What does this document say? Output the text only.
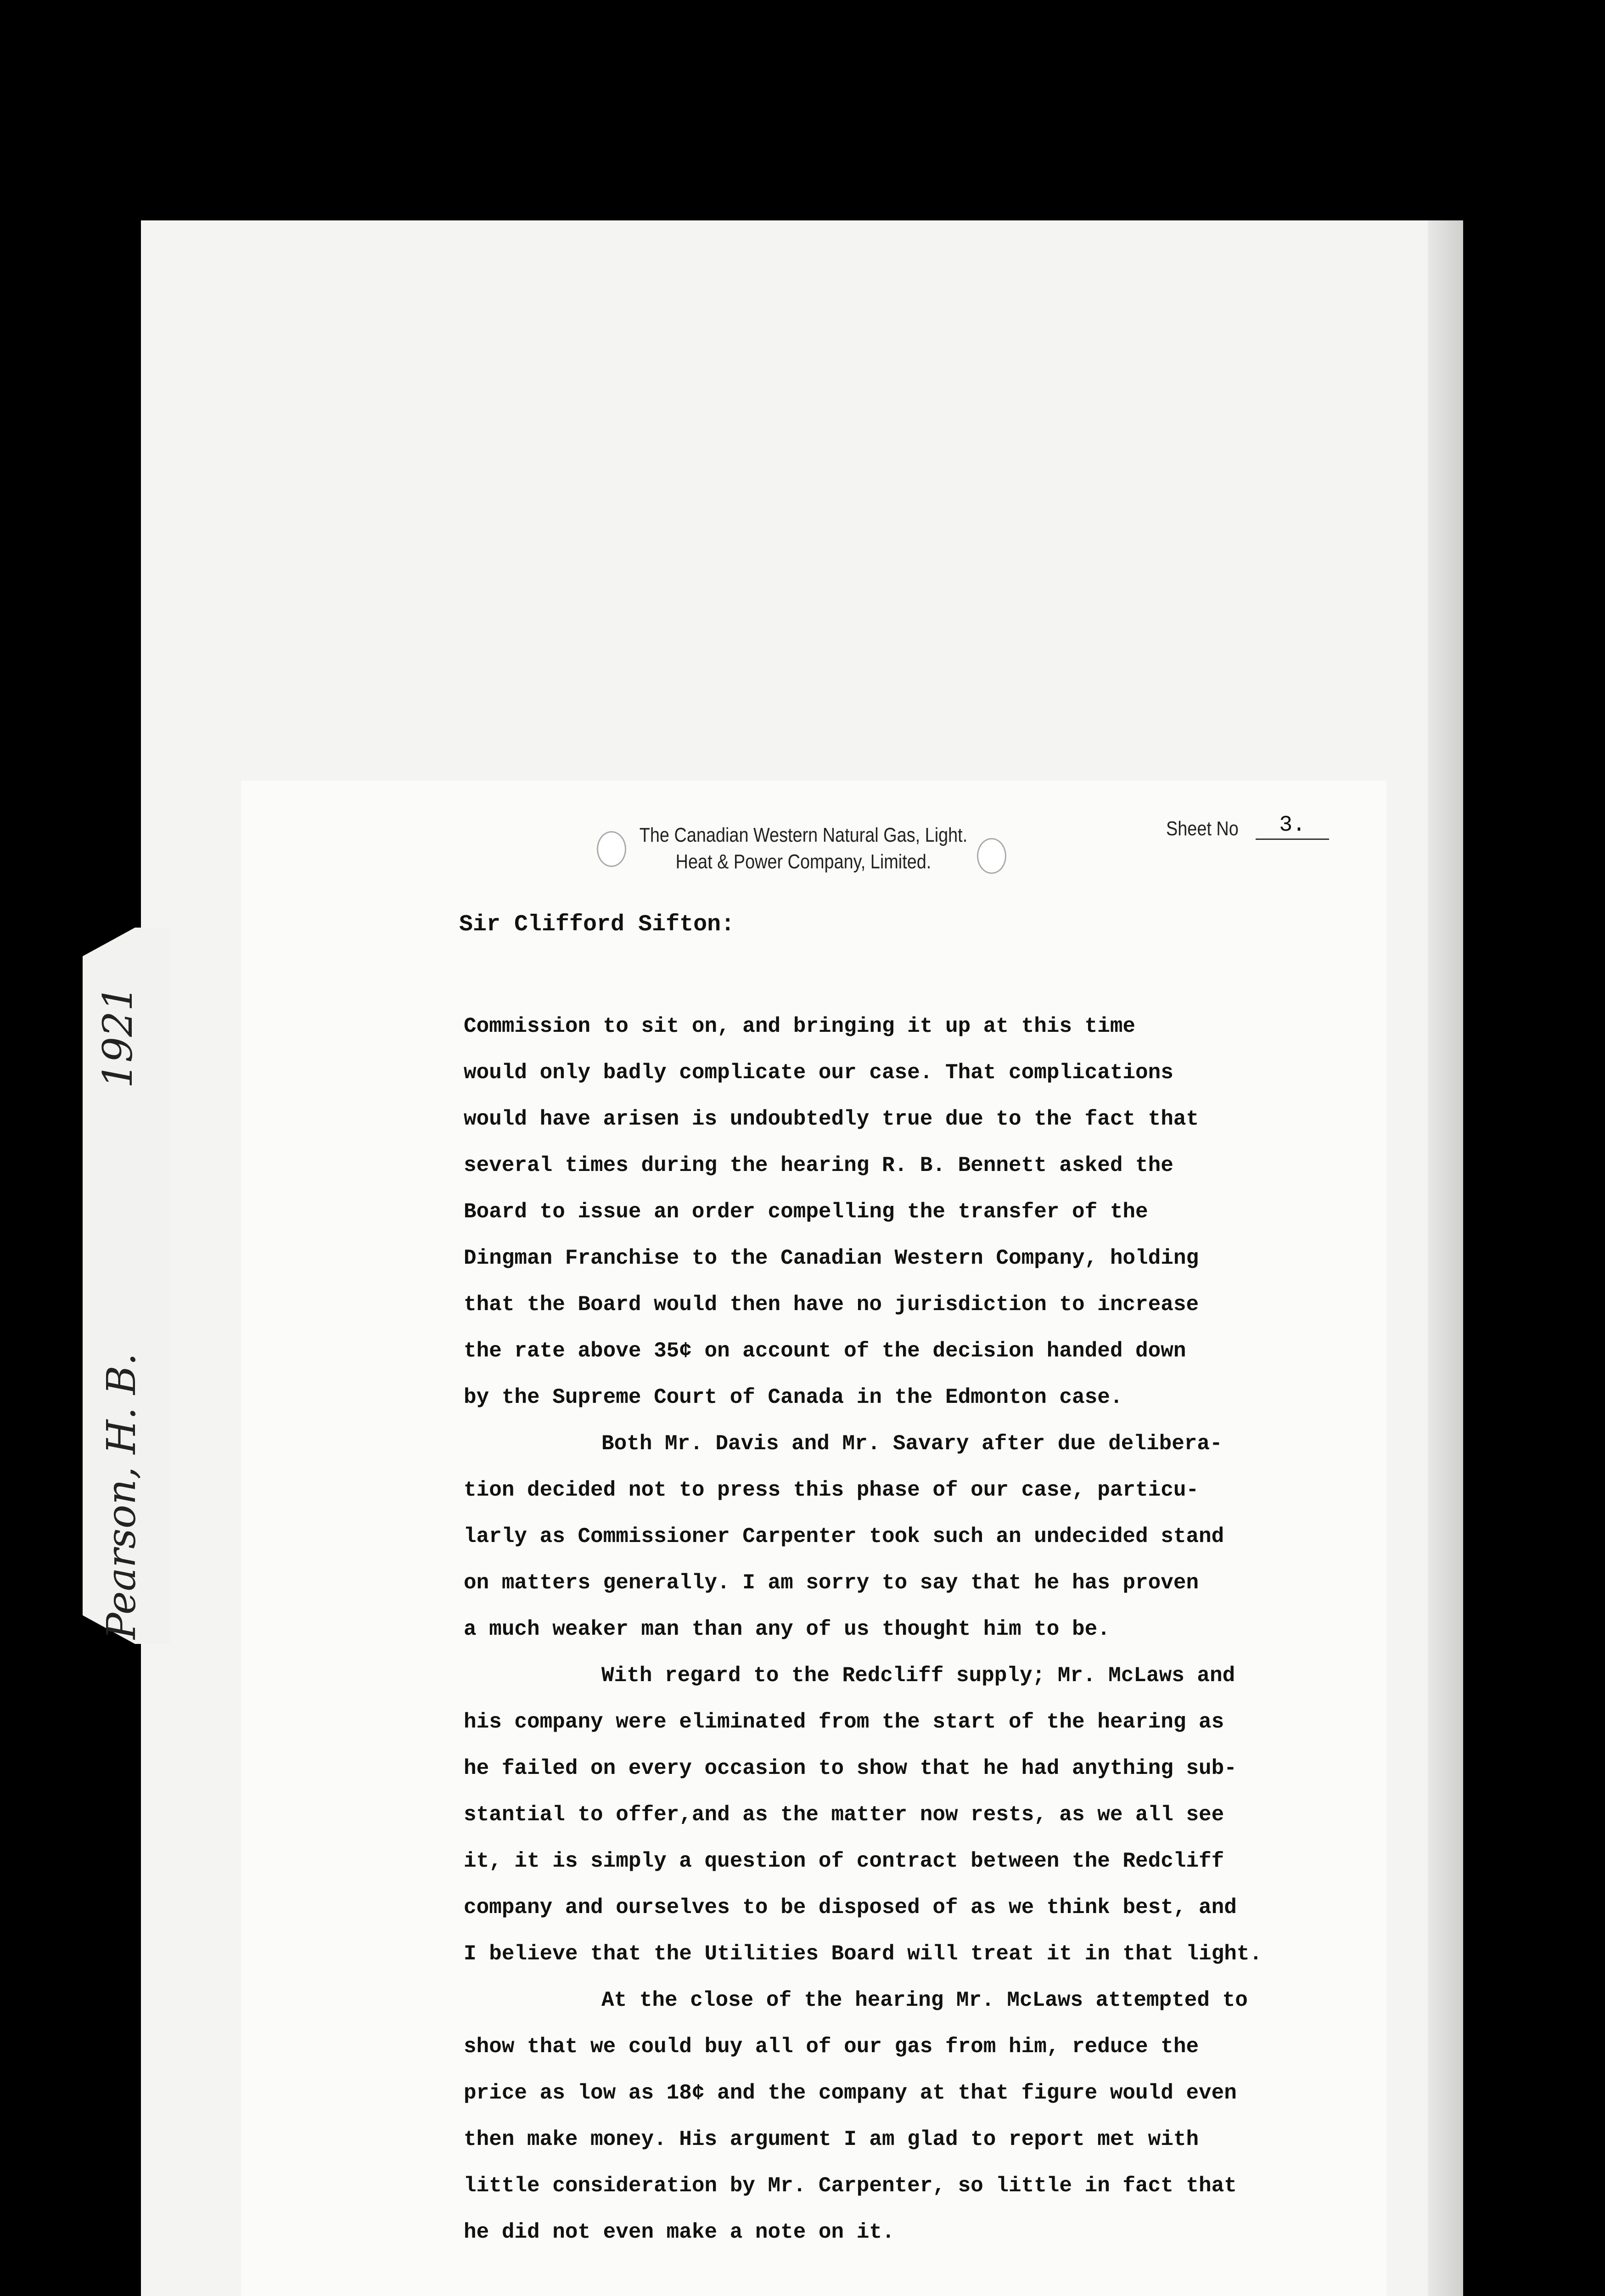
1921
Pearson, H. B.
The Canadian Western Natural Gas, Light.
Heat & Power Company, Limited.
Sheet No	3.
Sir Clifford Sifton:
Commission to sit on, and bringing it up at this time
would only badly complicate our case. That complications
would have arisen is undoubtedly true due to the fact that
several times during the hearing R. B. Bennett asked the
Board to issue an order compelling the transfer of the
Dingman Franchise to the Canadian Western Company, holding
that the Board would then have no jurisdiction to increase
the rate above 35¢ on account of the decision handed down
by the Supreme Court of Canada in the Edmonton case.
Both Mr. Davis and Mr. Savary after due delibera-
tion decided not to press this phase of our case, particu-
larly as Commissioner Carpenter took such an undecided stand
on matters generally. I am sorry to say that he has proven
a much weaker man than any of us thought him to be.
With regard to the Redcliff supply; Mr. McLaws and
his company were eliminated from the start of the hearing as
he failed on every occasion to show that he had anything sub-
stantial to offer,and as the matter now rests, as we all see
it, it is simply a question of contract between the Redcliff
company and ourselves to be disposed of as we think best, and
I believe that the Utilities Board will treat it in that light.
At the close of the hearing Mr. McLaws attempted to
show that we could buy all of our gas from him, reduce the
price as low as 18¢ and the company at that figure would even
then make money. His argument I am glad to report met with
little consideration by Mr. Carpenter, so little in fact that
he did not even make a note on it.
